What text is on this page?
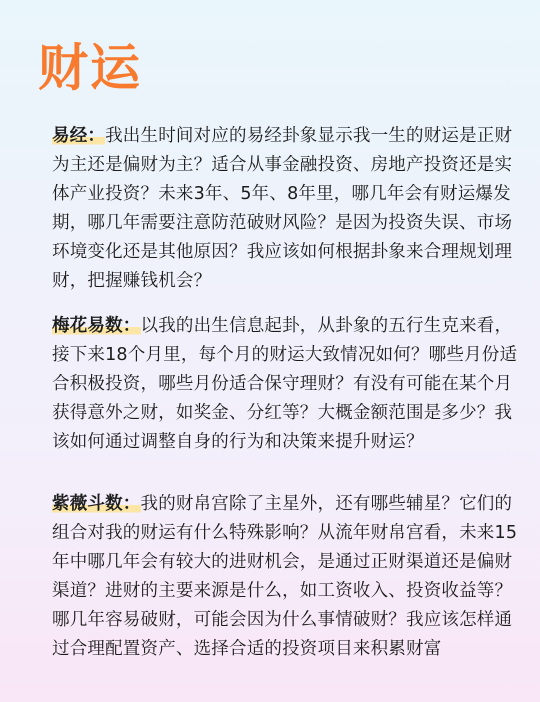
财运
易经：我出生时间对应的易经卦象显示我一生的财运是正财为主还是偏财为主？适合从事金融投资、房地产投资还是实体产业投资？未来3年、5年、8年里，哪几年会有财运爆发期，哪几年需要注意防范破财风险？是因为投资失误、市场环境变化还是其他原因？我应该如何根据卦象来合理规划理财，把握赚钱机会？
梅花易数：以我的出生信息起卦，从卦象的五行生克来看，接下来18个月里，每个月的财运大致情况如何？哪些月份适合积极投资，哪些月份适合保守理财？有没有可能在某个月获得意外之财，如奖金、分红等？大概金额范围是多少？我该如何通过调整自身的行为和决策来提升财运？
紫薇斗数：我的财帛宫除了主星外，还有哪些辅星？它们的组合对我的财运有什么特殊影响？从流年财帛宫看，未来15年中哪几年会有较大的进财机会，是通过正财渠道还是偏财渠道？进财的主要来源是什么，如工资收入、投资收益等？哪几年容易破财，可能会因为什么事情破财？我应该怎样通过合理配置资产、选择合适的投资项目来积累财富
